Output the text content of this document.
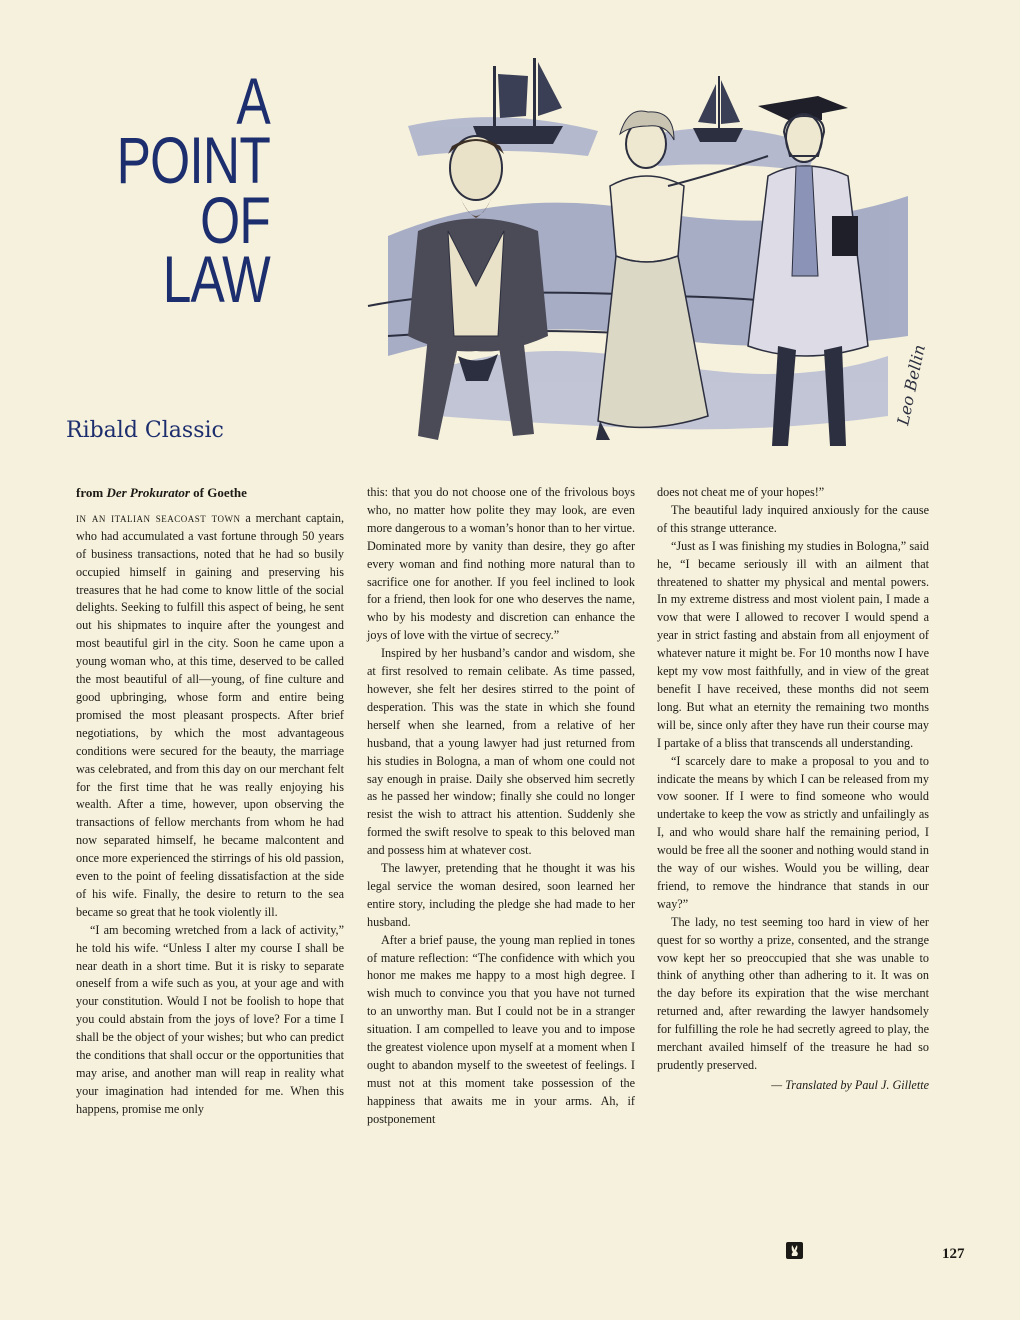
A

POINT

OF

LAW

Ribald Classic

Leo Bellin

from Der Prokurator of Goethe

in an italian seacoast town a merchant captain, who had accumulated a vast fortune through 50 years of business transactions, noted that he had so busily occupied himself in gaining and preserving his treasures that he had come to know little of the social delights. Seeking to fulfill this aspect of being, he sent out his shipmates to inquire after the youngest and most beautiful girl in the city. Soon he came upon a young woman who, at this time, deserved to be called the most beautiful of all—young, of fine culture and good upbringing, whose form and entire being promised the most pleasant prospects. After brief negotiations, by which the most advantageous conditions were secured for the beauty, the marriage was celebrated, and from this day on our merchant felt for the first time that he was really enjoying his wealth. After a time, however, upon observing the transactions of fellow merchants from whom he had now separated himself, he became malcontent and once more experienced the stirrings of his old passion, even to the point of feeling dissatisfaction at the side of his wife. Finally, the desire to return to the sea became so great that he took violently ill.

“I am becoming wretched from a lack of activity,” he told his wife. “Unless I alter my course I shall be near death in a short time. But it is risky to separate oneself from a wife such as you, at your age and with your constitution. Would I not be foolish to hope that you could abstain from the joys of love? For a time I shall be the object of your wishes; but who can predict the conditions that shall occur or the opportunities that may arise, and another man will reap in reality what your imagination had intended for me. When this happens, promise me only

this: that you do not choose one of the frivolous boys who, no matter how polite they may look, are even more dangerous to a woman’s honor than to her virtue. Dominated more by vanity than desire, they go after every woman and find nothing more natural than to sacrifice one for another. If you feel inclined to look for a friend, then look for one who deserves the name, who by his modesty and discretion can enhance the joys of love with the virtue of secrecy.”

Inspired by her husband’s candor and wisdom, she at first resolved to remain celibate. As time passed, however, she felt her desires stirred to the point of desperation. This was the state in which she found herself when she learned, from a relative of her husband, that a young lawyer had just returned from his studies in Bologna, a man of whom one could not say enough in praise. Daily she observed him secretly as he passed her window; finally she could no longer resist the wish to attract his attention. Suddenly she formed the swift resolve to speak to this beloved man and possess him at whatever cost.

The lawyer, pretending that he thought it was his legal service the woman desired, soon learned her entire story, including the pledge she had made to her husband.

After a brief pause, the young man replied in tones of mature reflection: “The confidence with which you honor me makes me happy to a most high degree. I wish much to convince you that you have not turned to an unworthy man. But I could not be in a stranger situation. I am compelled to leave you and to impose the greatest violence upon myself at a moment when I ought to abandon myself to the sweetest of feelings. I must not at this moment take possession of the happiness that awaits me in your arms. Ah, if postponement

does not cheat me of your hopes!”

The beautiful lady inquired anxiously for the cause of this strange utterance.

“Just as I was finishing my studies in Bologna,” said he, “I became seriously ill with an ailment that threatened to shatter my physical and mental powers. In my extreme distress and most violent pain, I made a vow that were I allowed to recover I would spend a year in strict fasting and abstain from all enjoyment of whatever nature it might be. For 10 months now I have kept my vow most faithfully, and in view of the great benefit I have received, these months did not seem long. But what an eternity the remaining two months will be, since only after they have run their course may I partake of a bliss that transcends all understanding.

“I scarcely dare to make a proposal to you and to indicate the means by which I can be released from my vow sooner. If I were to find someone who would undertake to keep the vow as strictly and unfailingly as I, and who would share half the remaining period, I would be free all the sooner and nothing would stand in the way of our wishes. Would you be willing, dear friend, to remove the hindrance that stands in our way?”

The lady, no test seeming too hard in view of her quest for so worthy a prize, consented, and the strange vow kept her so preoccupied that she was unable to think of anything other than adhering to it. It was on the day before its expiration that the wise merchant returned and, after rewarding the lawyer handsomely for fulfilling the role he had secretly agreed to play, the merchant availed himself of the treasure he had so prudently preserved.

— Translated by Paul J. Gillette

127
